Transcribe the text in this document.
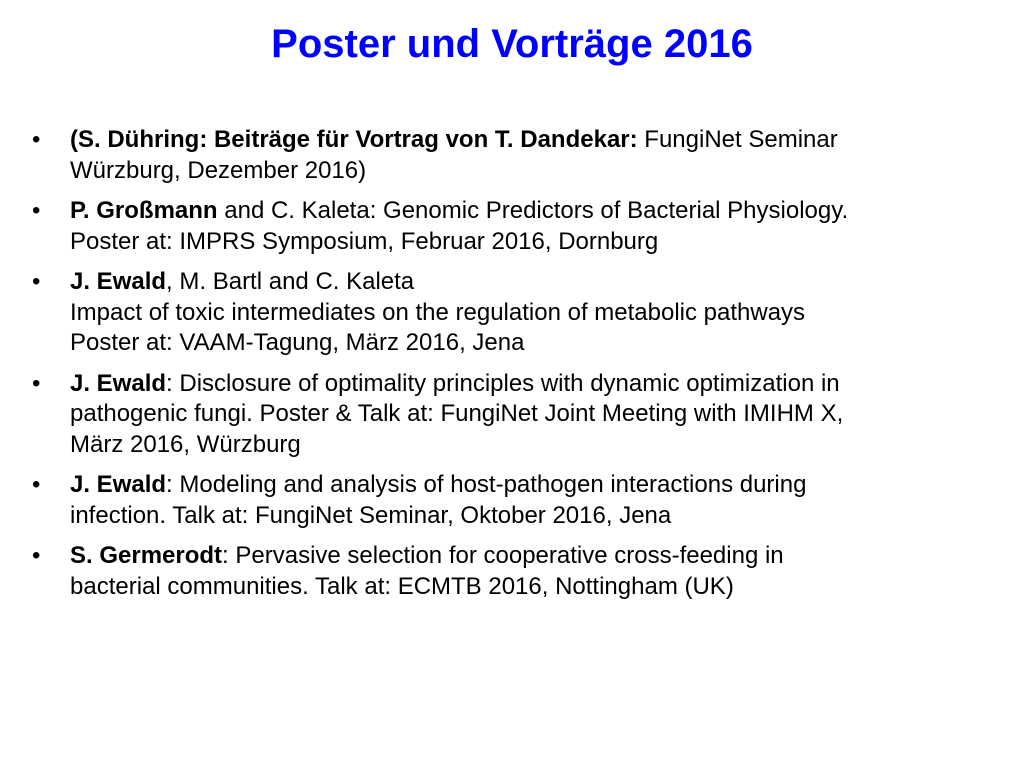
Poster und Vorträge 2016
•	(S. Dühring: Beiträge für Vortrag von T. Dandekar: FungiNet Seminar
Würzburg, Dezember 2016)
•	P. Großmann and C. Kaleta: Genomic Predictors of Bacterial Physiology.
Poster at: IMPRS Symposium, Februar 2016, Dornburg
•	J. Ewald, M. Bartl and C. Kaleta
Impact of toxic intermediates on the regulation of metabolic pathways
Poster at: VAAM-Tagung, März 2016, Jena
•	J. Ewald: Disclosure of optimality principles with dynamic optimization in
pathogenic fungi. Poster & Talk at: FungiNet Joint Meeting with IMIHM X,
März 2016, Würzburg
•	J. Ewald: Modeling and analysis of host-pathogen interactions during
infection. Talk at: FungiNet Seminar, Oktober 2016, Jena
•	S. Germerodt: Pervasive selection for cooperative cross-feeding in
bacterial communities. Talk at: ECMTB 2016, Nottingham (UK)
